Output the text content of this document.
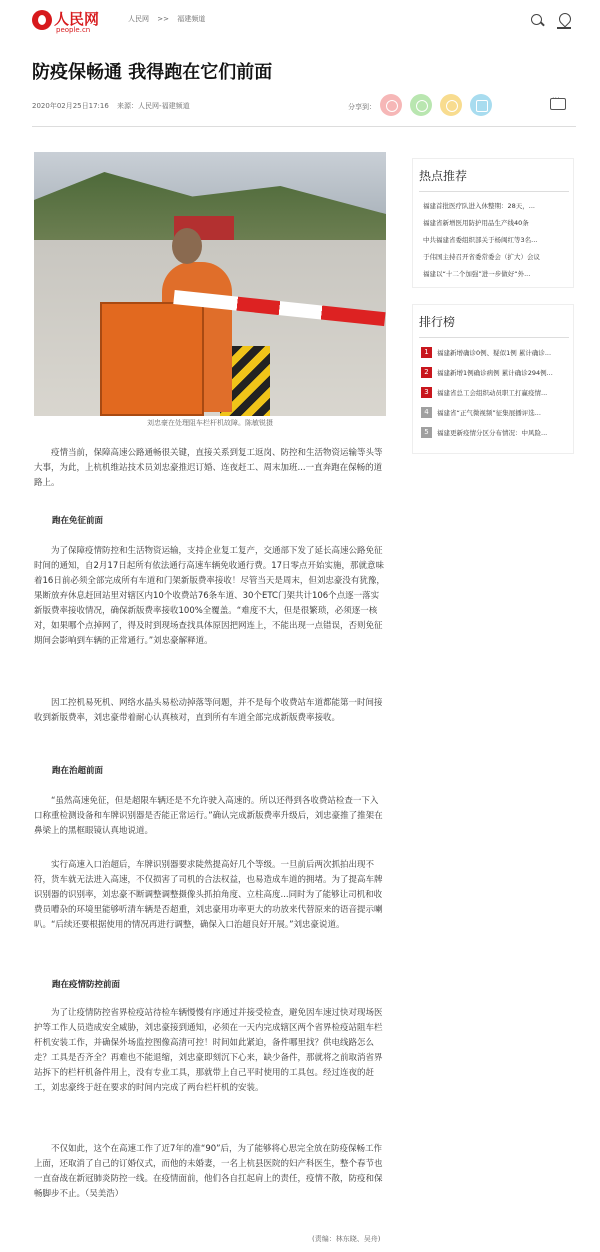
人民网
people.cn
人民网 >> 福建频道
防疫保畅通 我得跑在它们前面
2020年02月25日17:16 来源：人民网-福建频道	分享到：
···
刘忠豪在处理阻车栏杆机故障。陈敏锐摄
热点推荐
福建首批医疗队进入休整期：28天，...
福建省新增医用防护用品生产线40条
中共福建省委组织部关于杨闽红等3名...
于伟国主持召开省委常委会（扩大）会议
福建以“十二个加强”进一步做好“外...
排行榜
1	福建新增确诊0例、疑似1例 累计确诊...
2	福建新增1例确诊病例 累计确诊294例...
3	福建省总工会组织动员职工打赢疫情...
4	福建省“正气微视频”征集展播评选...
5	福建更新疫情分区分布情况：中风险...

疫情当前，保障高速公路通畅很关键，直接关系到复工返岗、防控和生活物资运输等头等大事，为此，上杭机维站技术员刘忠豪推迟订婚、连夜赶工、周末加班...一直奔跑在保畅的道路上。

跑在免征前面

为了保障疫情防控和生活物资运输，支持企业复工复产，交通部下发了延长高速公路免征时间的通知，自2月17日起所有依法通行高速车辆免收通行费。17日零点开始实施，那就意味着16日前必须全部完成所有车道和门架新版费率接收！尽管当天是周末，但刘忠豪没有犹豫，果断放弃休息赶回站里对辖区内10个收费站76条车道、30个ETC门架共计106个点逐一落实新版费率接收情况，确保新版费率接收100%全覆盖。“难度不大，但是很繁琐，必须逐一核对，如果哪个点掉网了，得及时到现场查找具体原因把网连上，不能出现一点错误，否则免征期间会影响到车辆的正常通行。”刘忠豪解释道。

因工控机易死机、网络水晶头易松动掉落等问题，并不是每个收费站车道都能第一时间接收到新版费率，刘忠豪带着耐心认真核对，直到所有车道全部完成新版费率接收。

跑在治超前面

“虽然高速免征，但是超限车辆还是不允许驶入高速的。所以还得到各收费站检查一下入口称重检测设备和车牌识别器是否能正常运行。”确认完成新版费率升级后，刘忠豪推了推架在鼻梁上的黑框眼镜认真地说道。

实行高速入口治超后，车牌识别器要求陡然提高好几个等级。一旦前后两次抓拍出现不符，货车就无法进入高速，不仅损害了司机的合法权益，也易造成车道的拥堵。为了提高车牌识别器的识别率，刘忠豪不断调整调整摄像头抓拍角度、立柱高度...同时为了能够让司机和收费员嘈杂的环境里能够听清车辆是否超重，刘忠豪用功率更大的功放来代替原来的语音提示喇叭。“后续还要根据使用的情况再进行调整，确保入口治超良好开展。”刘忠豪说道。

跑在疫情防控前面

为了让疫情防控省界检疫站待检车辆慢慢有序通过并接受检查，避免因车速过快对现场医护等工作人员造成安全威胁，刘忠豪接到通知，必须在一天内完成辖区两个省界检疫站阻车栏杆机安装工作，并确保外场监控图像高清可控！时间如此紧迫，备件哪里找？供电线路怎么走？工具是否齐全？再难也不能退缩，刘忠豪即刻沉下心来，缺少备件，那就将之前取消省界站拆下的栏杆机备件用上，没有专业工具，那就带上自己平时使用的工具包。经过连夜的赶工，刘忠豪终于赶在要求的时间内完成了两台栏杆机的安装。

不仅如此，这个在高速工作了近7年的准“90”后，为了能够将心思完全放在防疫保畅工作上面，还取消了自己的订婚仪式，而他的未婚妻，一名上杭县医院的妇产科医生，整个春节也一直奋战在新冠肺炎防控一线。在疫情面前，他们各自扛起肩上的责任，疫情不散，防疫和保畅脚步不止。（吴美浩）

(责编：林东晓、吴舟)
